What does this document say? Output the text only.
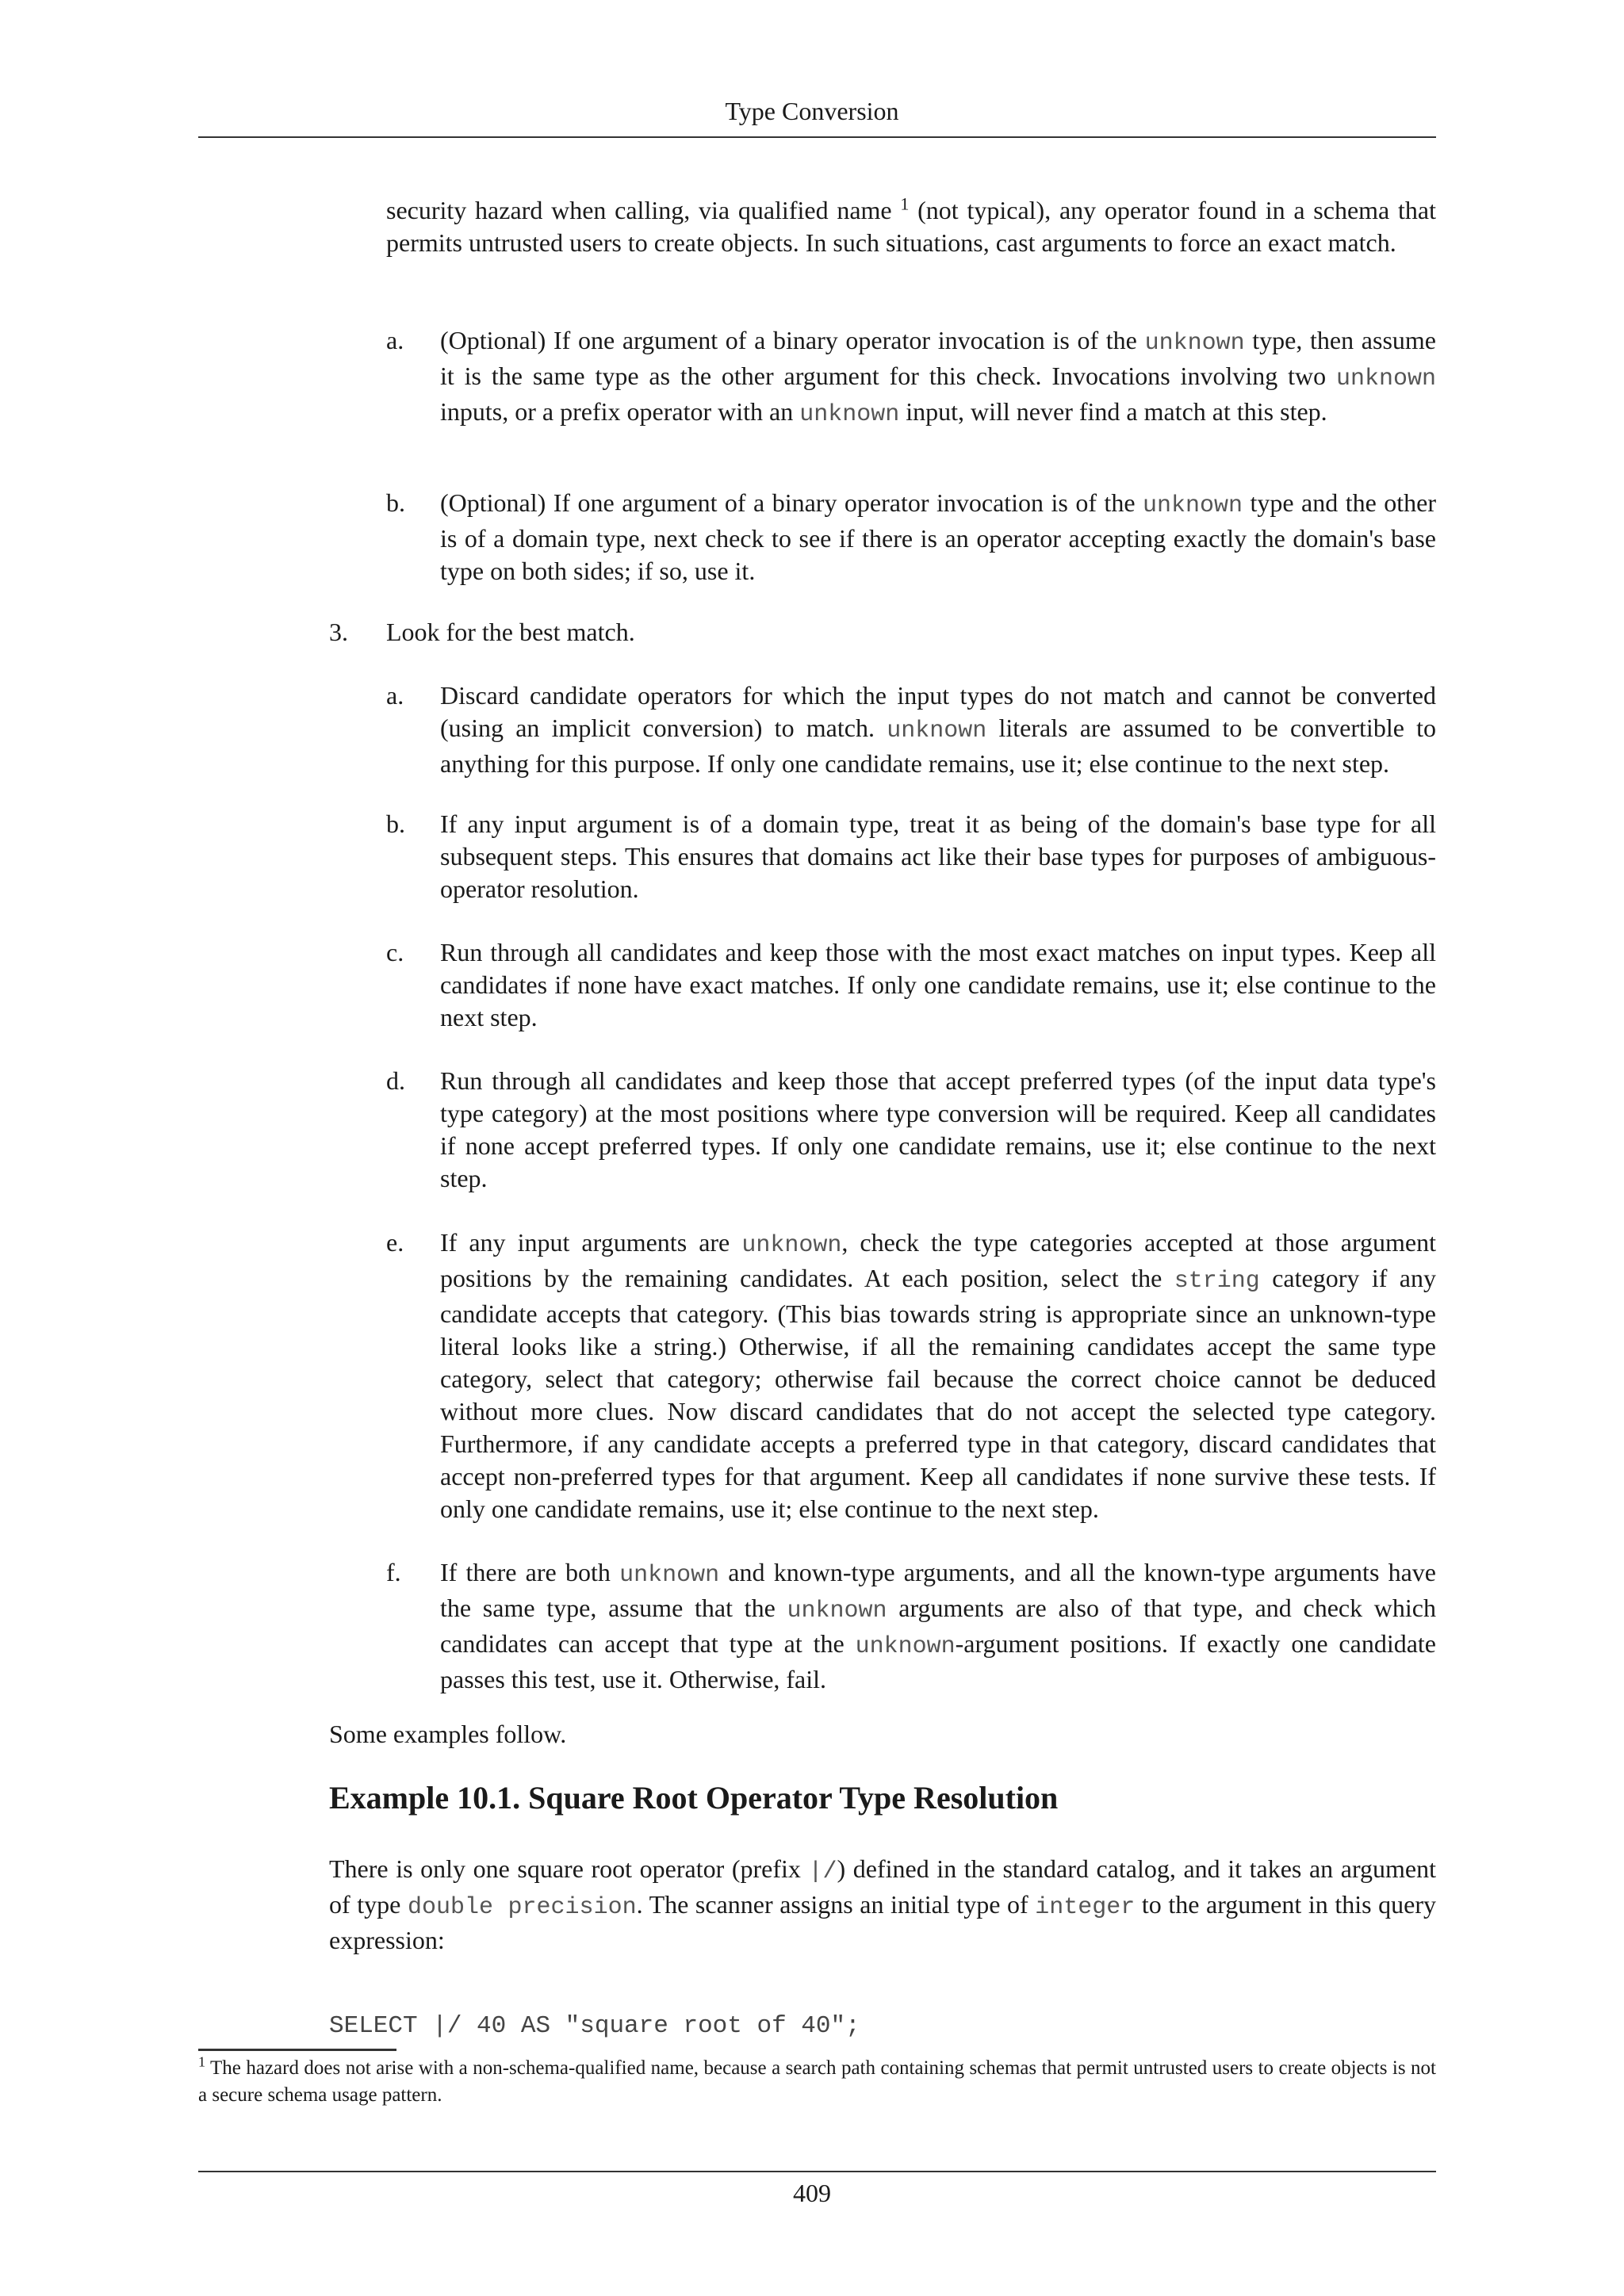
Type Conversion

security hazard when calling, via qualified name $^1$ (not typical), any operator found in a schema that permits untrusted users to create objects. In such situations, cast arguments to force an exact match.

a. (Optional) If one argument of a binary operator invocation is of the unknown type, then assume it is the same type as the other argument for this check. Invocations involving two unknown inputs, or a prefix operator with an unknown input, will never find a match at this step.

b. (Optional) If one argument of a binary operator invocation is of the unknown type and the other is of a domain type, next check to see if there is an operator accepting exactly the domain's base type on both sides; if so, use it.

3. Look for the best match.

a. Discard candidate operators for which the input types do not match and cannot be converted (using an implicit conversion) to match. unknown literals are assumed to be convertible to anything for this purpose. If only one candidate remains, use it; else continue to the next step.

b. If any input argument is of a domain type, treat it as being of the domain's base type for all subsequent steps. This ensures that domains act like their base types for purposes of ambiguous-operator resolution.

c. Run through all candidates and keep those with the most exact matches on input types. Keep all candidates if none have exact matches. If only one candidate remains, use it; else continue to the next step.

d. Run through all candidates and keep those that accept preferred types (of the input data type's type category) at the most positions where type conversion will be required. Keep all candidates if none accept preferred types. If only one candidate remains, use it; else continue to the next step.

e. If any input arguments are unknown, check the type categories accepted at those argument positions by the remaining candidates. At each position, select the string category if any candidate accepts that category. (This bias towards string is appropriate since an unknown-type literal looks like a string.) Otherwise, if all the remaining candidates accept the same type category, select that category; otherwise fail because the correct choice cannot be deduced without more clues. Now discard candidates that do not accept the selected type category. Furthermore, if any candidate accepts a preferred type in that category, discard candidates that accept non-preferred types for that argument. Keep all candidates if none survive these tests. If only one candidate remains, use it; else continue to the next step.

f. If there are both unknown and known-type arguments, and all the known-type arguments have the same type, assume that the unknown arguments are also of that type, and check which candidates can accept that type at the unknown-argument positions. If exactly one candidate passes this test, use it. Otherwise, fail.

Some examples follow.

Example 10.1. Square Root Operator Type Resolution

There is only one square root operator (prefix |/) defined in the standard catalog, and it takes an argument of type double precision. The scanner assigns an initial type of integer to the argument in this query expression:

SELECT |/ 40 AS "square root of 40";

$^1$ The hazard does not arise with a non-schema-qualified name, because a search path containing schemas that permit untrusted users to create objects is not a secure schema usage pattern.

409
